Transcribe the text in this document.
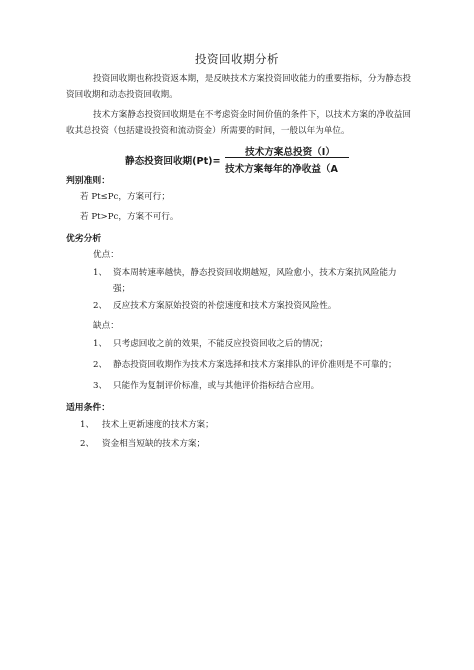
投资回收期分析
投资回收期也称投资返本期，是反映技术方案投资回收能力的重要指标，分为静态投
资回收期和动态投资回收期。
技术方案静态投资回收期是在不考虑资金时间价值的条件下，以技术方案的净收益回
收其总投资（包括建设投资和流动资金）所需要的时间，一般以年为单位。
静态投资回收期(Pt)=
技术方案总投资（I）
技术方案每年的净收益（A
判别准则：
若 Pt≤Pc，方案可行；
若 Pt>Pc，方案不可行。
优劣分析
优点：
1、 资本周转速率越快，静态投资回收期越短，风险愈小，技术方案抗风险能力
强；
2、 反应技术方案原始投资的补偿速度和技术方案投资风险性。
缺点：
1、 只考虑回收之前的效果，不能反应投资回收之后的情况；
2、 静态投资回收期作为技术方案选择和技术方案排队的评价准则是不可靠的；
3、 只能作为复制评价标准，或与其他评价指标结合应用。
适用条件：
1、 技术上更新速度的技术方案；
2、 资金相当短缺的技术方案；
